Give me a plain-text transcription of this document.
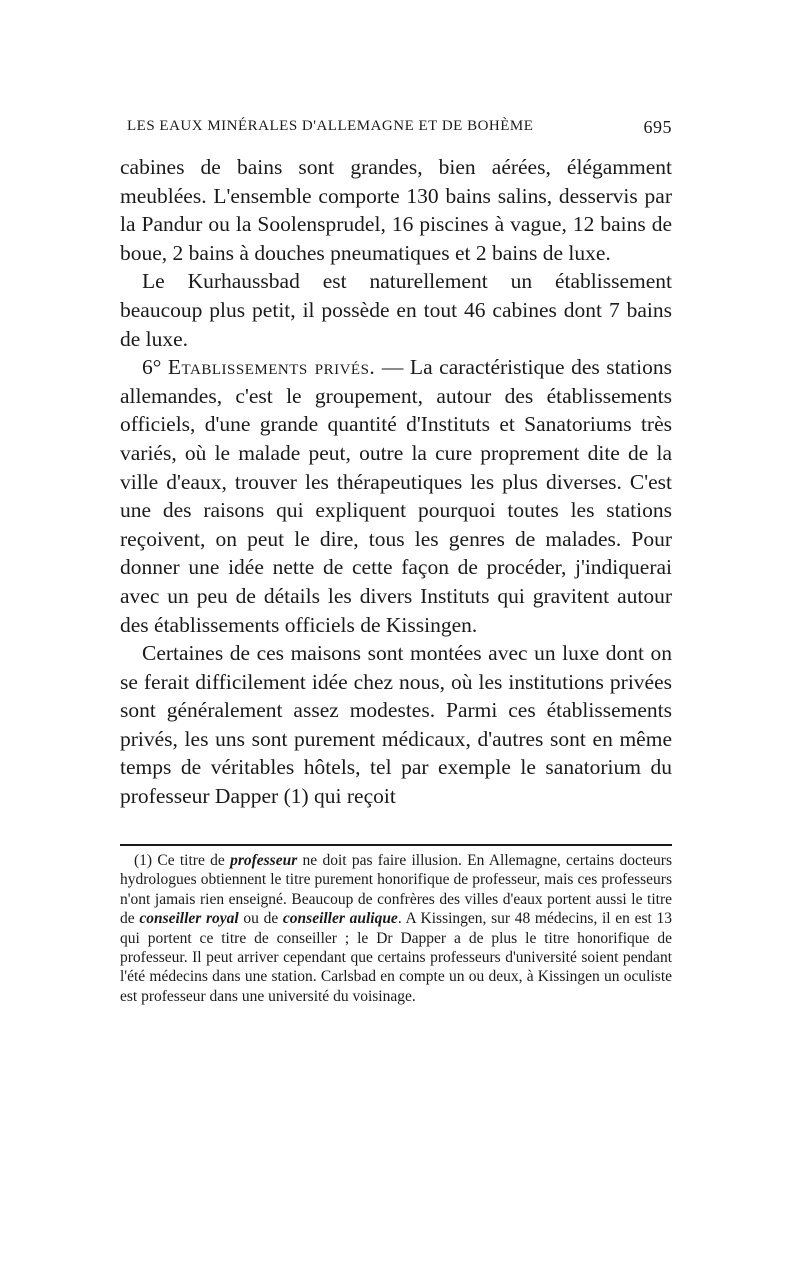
LES EAUX MINÉRALES D'ALLEMAGNE ET DE BOHÈME	695

cabines de bains sont grandes, bien aérées, élégamment meublées. L'ensemble comporte 130 bains salins, desservis par la Pandur ou la Soolensprudel, 16 piscines à vague, 12 bains de boue, 2 bains à douches pneumatiques et 2 bains de luxe.

Le Kurhaussbad est naturellement un établissement beaucoup plus petit, il possède en tout 46 cabines dont 7 bains de luxe.

6° Etablissements privés. — La caractéristique des stations allemandes, c'est le groupement, autour des établissements officiels, d'une grande quantité d'Instituts et Sanatoriums très variés, où le malade peut, outre la cure proprement dite de la ville d'eaux, trouver les thérapeutiques les plus diverses. C'est une des raisons qui expliquent pourquoi toutes les stations reçoivent, on peut le dire, tous les genres de malades. Pour donner une idée nette de cette façon de procéder, j'indiquerai avec un peu de détails les divers Instituts qui gravitent autour des établissements officiels de Kissingen.

Certaines de ces maisons sont montées avec un luxe dont on se ferait difficilement idée chez nous, où les institutions privées sont généralement assez modestes. Parmi ces établissements privés, les uns sont purement médicaux, d'autres sont en même temps de véritables hôtels, tel par exemple le sanatorium du professeur Dapper (1) qui reçoit

(1) Ce titre de professeur ne doit pas faire illusion. En Allemagne, certains docteurs hydrologues obtiennent le titre purement honorifique de professeur, mais ces professeurs n'ont jamais rien enseigné. Beaucoup de confrères des villes d'eaux portent aussi le titre de conseiller royal ou de conseiller aulique. A Kissingen, sur 48 médecins, il en est 13 qui portent ce titre de conseiller ; le Dr Dapper a de plus le titre honorifique de professeur. Il peut arriver cependant que certains professeurs d'université soient pendant l'été médecins dans une station. Carlsbad en compte un ou deux, à Kissingen un oculiste est professeur dans une université du voisinage.
